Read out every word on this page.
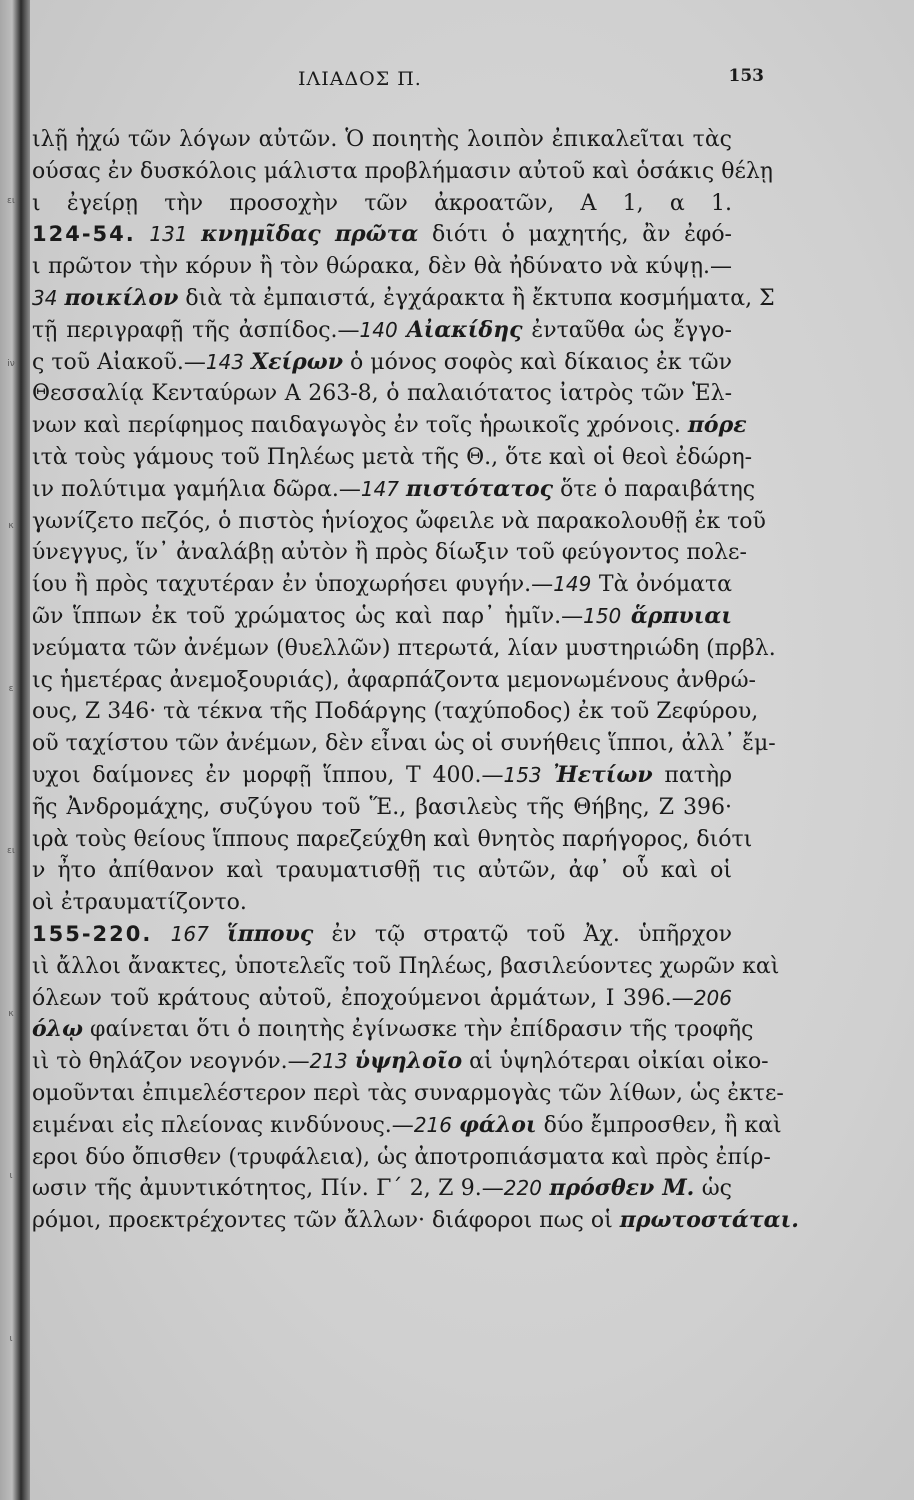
ει
iν
κ
ε
ει
κ
ι
ι
ΙΛΙΑΔΟΣ Π.	153
ιλῇ ἠχώ τῶν λόγων αὐτῶν. Ὁ ποιητὴς λοιπὸν ἐπικαλεῖται τὰς
ούσας ἐν δυσκόλοις μάλιστα προβλήμασιν αὐτοῦ καὶ ὁσάκις θέλῃ
ι ἐγείρῃ τὴν προσοχὴν τῶν ἀκροατῶν, Α 1, α 1.
124-54. 131 κνημῖδας πρῶτα διότι ὁ μαχητής, ἂν ἐφό-
ι πρῶτον τὴν κόρυν ἢ τὸν θώρακα, δὲν θὰ ἠδύνατο νὰ κύψῃ.—
34 ποικίλον διὰ τὰ ἐμπαιστά, ἐγχάρακτα ἢ ἔκτυπα κοσμήματα, Σ
τῇ περιγραφῇ τῆς ἀσπίδος.—140 Αἰακίδης ἐνταῦθα ὡς ἔγγο-
ς τοῦ Αἰακοῦ.—143 Χείρων ὁ μόνος σοφὸς καὶ δίκαιος ἐκ τῶν
Θεσσαλίᾳ Κενταύρων Α 263-8, ὁ παλαιότατος ἰατρὸς τῶν Ἑλ-
νων καὶ περίφημος παιδαγωγὸς ἐν τοῖς ἡρωικοῖς χρόνοις. πόρε
ιτὰ τοὺς γάμους τοῦ Πηλέως μετὰ τῆς Θ., ὅτε καὶ οἱ θεοὶ ἐδώρη-
ιν πολύτιμα γαμήλια δῶρα.—147 πιστότατος ὅτε ὁ παραιβάτης
γωνίζετο πεζός, ὁ πιστὸς ἡνίοχος ὤφειλε νὰ παρακολουθῇ ἐκ τοῦ
ύνεγγυς, ἵν᾽ ἀναλάβῃ αὐτὸν ἢ πρὸς δίωξιν τοῦ φεύγοντος πολε-
ίου ἢ πρὸς ταχυτέραν ἐν ὑποχωρήσει φυγήν.—149 Τὰ ὀνόματα
ῶν ἵππων ἐκ τοῦ χρώματος ὡς καὶ παρ᾽ ἡμῖν.—150 ἅρπυιαι
νεύματα τῶν ἀνέμων (θυελλῶν) πτερωτά, λίαν μυστηριώδη (πρβλ.
ις ἡμετέρας ἀνεμοξουριάς), ἀφαρπάζοντα μεμονωμένους ἀνθρώ-
ους, Ζ 346· τὰ τέκνα τῆς Ποδάργης (ταχύποδος) ἐκ τοῦ Ζεφύρου,
οῦ ταχίστου τῶν ἀνέμων, δὲν εἶναι ὡς οἱ συνήθεις ἵπποι, ἀλλ᾽ ἔμ-
υχοι δαίμονες ἐν μορφῇ ἵππου, Τ 400.—153 Ἠετίων πατὴρ
ῆς Ἀνδρομάχης, συζύγου τοῦ Ἕ., βασιλεὺς τῆς Θήβης, Ζ 396·
ιρὰ τοὺς θείους ἵππους παρεζεύχθη καὶ θνητὸς παρήγορος, διότι
ν ἦτο ἀπίθανον καὶ τραυματισθῇ τις αὐτῶν, ἀφ᾽ οὗ καὶ οἱ
οὶ ἐτραυματίζοντο.
155-220. 167 ἵππους ἐν τῷ στρατῷ τοῦ Ἀχ. ὑπῆρχον
ιὶ ἄλλοι ἄνακτες, ὑποτελεῖς τοῦ Πηλέως, βασιλεύοντες χωρῶν καὶ
όλεων τοῦ κράτους αὐτοῦ, ἐποχούμενοι ἁρμάτων, Ι 396.—206
όλῳ φαίνεται ὅτι ὁ ποιητὴς ἐγίνωσκε τὴν ἐπίδρασιν τῆς τροφῆς
ιὶ τὸ θηλάζον νεογνόν.—213 ὑψηλοῖο αἱ ὑψηλότεραι οἰκίαι οἰκο-
ομοῦνται ἐπιμελέστερον περὶ τὰς συναρμογὰς τῶν λίθων, ὡς ἐκτε-
ειμέναι εἰς πλείονας κινδύνους.—216 φάλοι δύο ἔμπροσθεν, ἢ καὶ
εροι δύο ὄπισθεν (τρυφάλεια), ὡς ἀποτροπιάσματα καὶ πρὸς ἐπίρ-
ωσιν τῆς ἀμυντικότητος, Πίν. Γ´ 2, Ζ 9.—220 πρόσθεν Μ. ὡς
ρόμοι, προεκτρέχοντες τῶν ἄλλων· διάφοροι πως οἱ πρωτοστάται.
